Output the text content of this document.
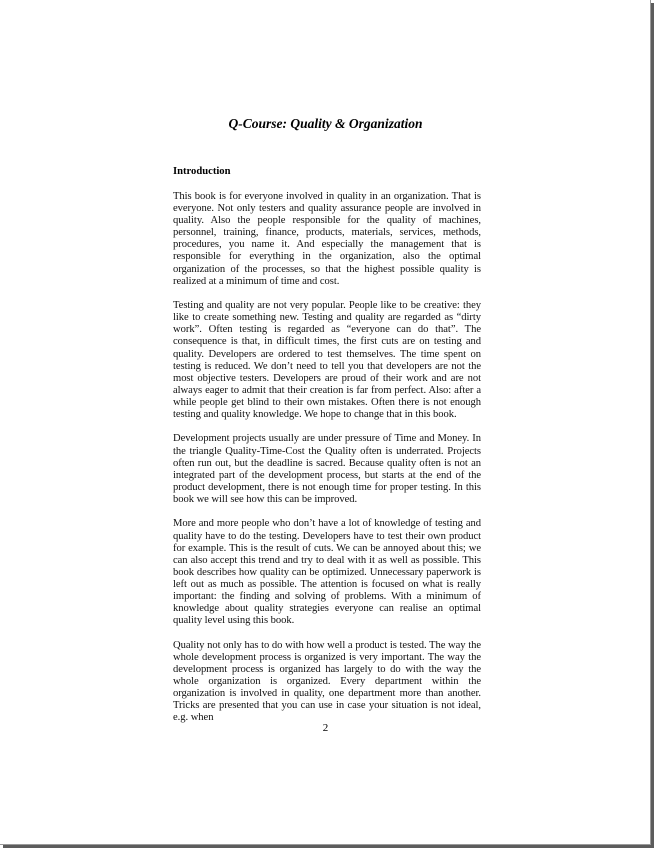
Q-Course: Quality & Organization
Introduction

This book is for everyone involved in quality in an organization. That is everyone. Not only testers and quality assurance people are involved in quality. Also the people responsible for the quality of machines, personnel, training, finance, products, materials, services, methods, procedures, you name it. And especially the management that is responsible for everything in the organization, also the optimal organization of the processes, so that the highest possible quality is realized at a minimum of time and cost.

Testing and quality are not very popular. People like to be creative: they like to create something new. Testing and quality are regarded as “dirty work”. Often testing is regarded as “everyone can do that”. The consequence is that, in difficult times, the first cuts are on testing and quality. Developers are ordered to test themselves. The time spent on testing is reduced. We don’t need to tell you that developers are not the most objective testers. Developers are proud of their work and are not always eager to admit that their creation is far from perfect. Also: after a while people get blind to their own mistakes. Often there is not enough testing and quality knowledge. We hope to change that in this book.

Development projects usually are under pressure of Time and Money. In the triangle Quality-Time-Cost the Quality often is underrated. Projects often run out, but the deadline is sacred. Because quality often is not an integrated part of the development process, but starts at the end of the product development, there is not enough time for proper testing. In this book we will see how this can be improved.

More and more people who don’t have a lot of knowledge of testing and quality have to do the testing. Developers have to test their own product for example. This is the result of cuts. We can be annoyed about this; we can also accept this trend and try to deal with it as well as possible. This book describes how quality can be optimized. Unnecessary paperwork is left out as much as possible. The attention is focused on what is really important: the finding and solving of problems. With a minimum of knowledge about quality strategies everyone can realise an optimal quality level using this book.

Quality not only has to do with how well a product is tested. The way the whole development process is organized is very important. The way the development process is organized has largely to do with the way the whole organization is organized. Every department within the organization is involved in quality, one department more than another. Tricks are presented that you can use in case your situation is not ideal, e.g. when

2
